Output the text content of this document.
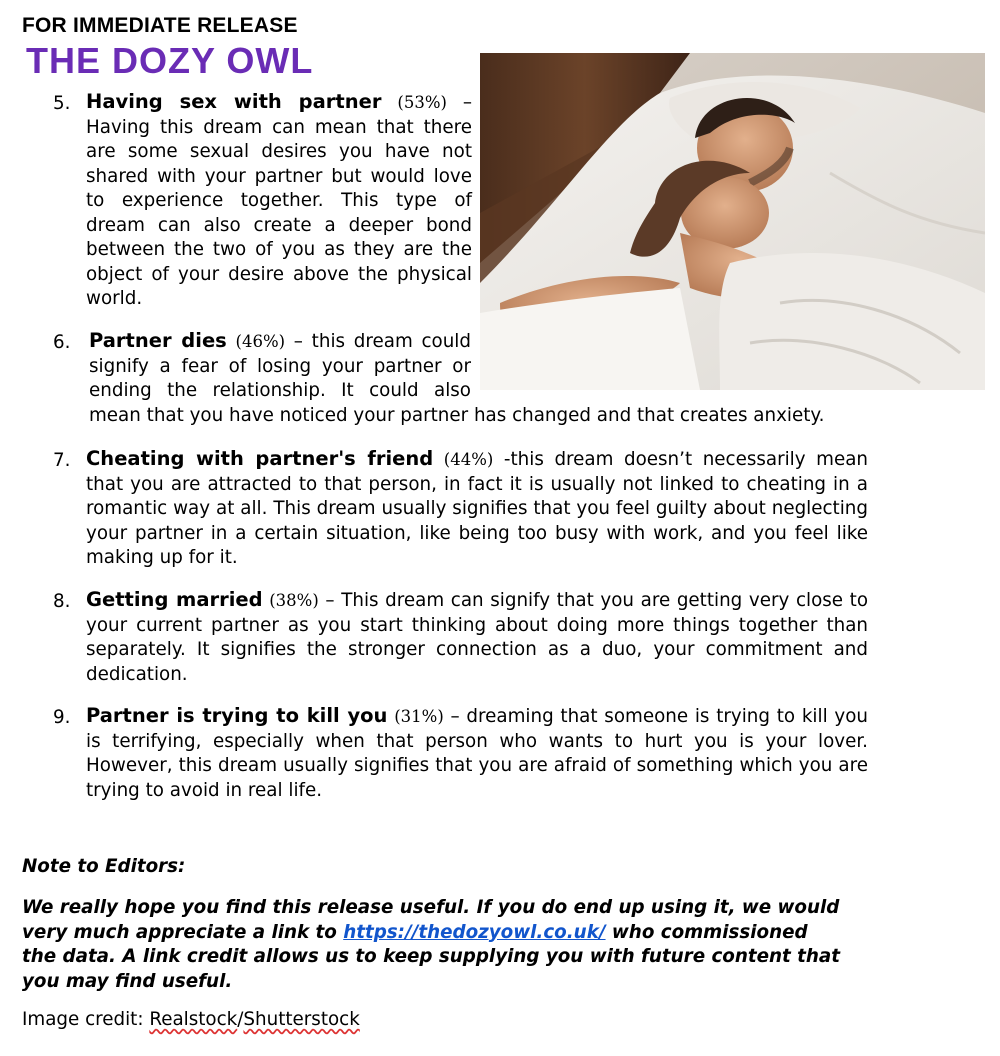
FOR IMMEDIATE RELEASE
THE DOZY OWL
5. Having sex with partner (53%) –
Having this dream can mean that there
are some sexual desires you have not
shared with your partner but would love
to experience together. This type of
dream can also create a deeper bond
between the two of you as they are the
object of your desire above the physical
world.
6. Partner dies (46%) – this dream could
signify a fear of losing your partner or
ending the relationship. It could also
mean that you have noticed your partner has changed and that creates anxiety.
7. Cheating with partner's friend (44%) -this dream doesn’t necessarily mean that you are attracted to that person, in fact it is usually not linked to cheating in a romantic way at all. This dream usually signifies that you feel guilty about neglecting your partner in a certain situation, like being too busy with work, and you feel like making up for it.
8. Getting married (38%) – This dream can signify that you are getting very close to your current partner as you start thinking about doing more things together than separately. It signifies the stronger connection as a duo, your commitment and dedication.
9. Partner is trying to kill you (31%) – dreaming that someone is trying to kill you is terrifying, especially when that person who wants to hurt you is your lover. However, this dream usually signifies that you are afraid of something which you are trying to avoid in real life.
Note to Editors:
We really hope you find this release useful. If you do end up using it, we would very much appreciate a link to https://thedozyowl.co.uk/ who commissioned the data. A link credit allows us to keep supplying you with future content that you may find useful.
Image credit: Realstock/Shutterstock
